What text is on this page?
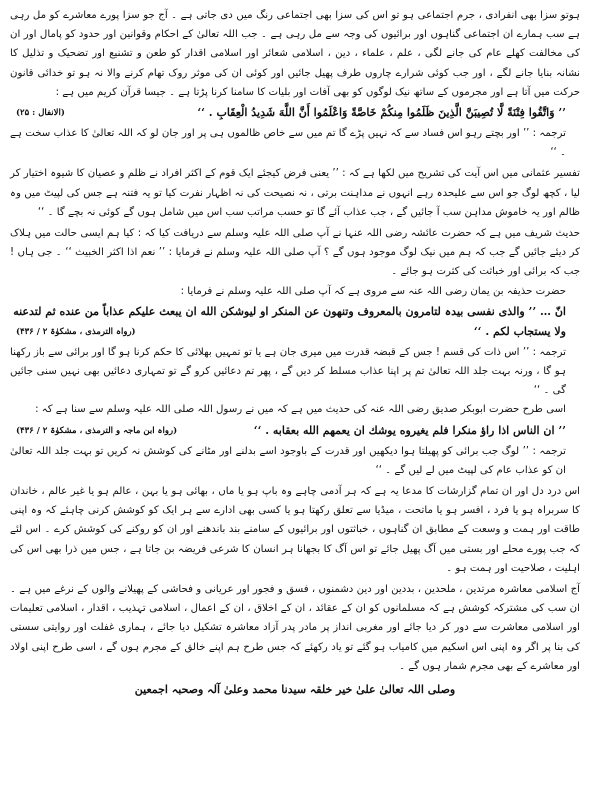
ہوتو سزا بھی انفرادی ، جرم اجتماعی ہو تو اس کی سزا بھی اجتماعی رنگ میں دی جاتی ہے ۔ آج جو سزا پورے معاشرے کو مل رہی ہے سب ہمارے ان اجتماعی گناہوں اور برائیوں کی وجہ سے مل رہی ہے ۔ جب اللہ تعالیٰ کے احکام وقوانین اور حدود کو پامال اور ان کی مخالفت کھلے عام کی جانے لگی ، علم ، علماء ، دین ، اسلامی شعائر اور اسلامی اقدار کو طعن و تشنیع اور تضحیک و تذلیل کا نشانہ بنایا جانے لگے ، اور جب کوئی شرارے چاروں طرف پھیل جائیں اور کوئی ان کی موثر روک تھام کرنے والا نہ ہو تو خدائی قانون حرکت میں آتا ہے اور مجرموں کے ساتھ نیک لوگوں کو بھی آفات اور بلیات کا سامنا کرنا پڑتا ہے ۔ جیسا قرآن کریم میں ہے :

(الانفال : ۲۵)	’’ وَاتَّقُوا فِتْنَةً لَّا تُصِيبَنَّ الَّذِينَ ظَلَمُوا مِنكُمْ خَاصَّةً وَاعْلَمُوا أَنَّ اللَّهَ شَدِيدُ الْعِقَابِ . ‘‘

ترجمہ : ’’ اور بچتے رہو اس فساد سے کہ نہیں پڑے گا تم میں سے خاص ظالموں ہی پر اور جان لو کہ اللہ تعالیٰ کا عذاب سخت ہے ۔ ‘‘

تفسیر عثمانی میں اس آیت کی تشریح میں لکھا ہے کہ : ’’ یعنی فرض کیجئے ایک قوم کے اکثر افراد نے ظلم و عصیان کا شیوہ اختیار کر لیا ، کچھ لوگ جو اس سے علیحدہ رہے انہوں نے مداہنت برتی ، نہ نصیحت کی نہ اظہار نفرت کیا تو یہ فتنہ ہے جس کی لپیٹ میں وہ ظالم اور یہ خاموش مداہن سب آ جائیں گے ، جب عذاب آئے گا تو حسب مراتب سب اس میں شامل ہوں گے کوئی نہ بچے گا ۔ ‘‘

حدیث شریف میں ہے کہ حضرت عائشہ رضی اللہ عنہا نے آپ صلی اللہ علیہ وسلم سے دریافت کیا کہ : کیا ہم ایسی حالت میں ہلاک کر دیئے جائیں گے جب کہ ہم میں نیک لوگ موجود ہوں گے ؟ آپ صلی اللہ علیہ وسلم نے فرمایا : ’’ نعم اذا اکثر الخبیث ‘‘ ۔ جی ہاں ! جب کہ برائی اور خباثت کی کثرت ہو جائے ۔

حضرت حذیفہ بن یمان رضی اللہ عنہ سے مروی ہے کہ آپ صلی اللہ علیہ وسلم نے فرمایا :

انّ … ’’ والذی نفسی بیدہ لتامرون بالمعروف وتنهون عن المنكر او ليوشكن الله ان يبعث عليكم عذاباً من عنده ثم لتدعنه ولا يستجاب لكم . ‘‘
(رواہ الترمذی ، مشکوٰۃ ۲ / ۴۳۶)

ترجمہ : ’’ اس ذات کی قسم ! جس کے قبضہ قدرت میں میری جان ہے یا تو تمہیں بھلائی کا حکم کرنا ہو گا اور برائی سے باز رکھنا ہو گا ، ورنہ بہت جلد اللہ تعالیٰ تم پر اپنا عذاب مسلط کر دیں گے ، پھر تم دعائیں کرو گے تو تمہاری دعائیں بھی نہیں سنی جائیں گی ۔ ‘‘

اسی طرح حضرت ابوبکر صدیق رضی اللہ عنہ کی حدیث میں ہے کہ میں نے رسول اللہ صلی اللہ علیہ وسلم سے سنا ہے کہ :

(رواہ ابن ماجہ و الترمذی ، مشکوٰۃ ۲ / ۴۳۶)	’’ ان الناس اذا راؤ منكرا فلم يغيروه يوشك ان يعمهم الله بعقابه . ‘‘

ترجمہ : ’’ لوگ جب برائی کو پھیلتا ہوا دیکھیں اور قدرت کے باوجود اسے بدلنے اور مٹانے کی کوشش نہ کریں تو بہت جلد اللہ تعالیٰ ان کو عذاب عام کی لپیٹ میں لے لیں گے ۔ ‘‘

اس درد دل اور ان تمام گزارشات کا مدعا یہ ہے کہ ہر آدمی چاہے وہ باپ ہو یا ماں ، بھائی ہو یا بہن ، عالم ہو یا غیر عالم ، خاندان کا سربراہ ہو یا فرد ، افسر ہو یا ماتحت ، میڈیا سے تعلق رکھتا ہو یا کسی بھی ادارے سے ہر ایک کو کوشش کرنی چاہئے کہ وہ اپنی طاقت اور ہمت و وسعت کے مطابق ان گناہوں ، خباثتوں اور برائیوں کے سامنے بند باندھنے اور ان کو روکنے کی کوشش کرے ۔ اس لئے کہ جب پورے محلے اور بستی میں آگ پھیل جائے تو اس آگ کا بجھانا ہر انسان کا شرعی فریضہ بن جاتا ہے ، جس میں ذرا بھی اس کی اہلیت ، صلاحیت اور ہمت ہو ۔

آج اسلامی معاشرہ مرتدین ، ملحدین ، بددین اور دین دشمنوں ، فسق و فجور اور عریانی و فحاشی کے پھیلانے والوں کے نرغے میں ہے ۔ ان سب کی مشترکہ کوشش ہے کہ مسلمانوں کو ان کے عقائد ، ان کے اخلاق ، ان کے اعمال ، اسلامی تہذیب ، اقدار ، اسلامی تعلیمات اور اسلامی معاشرت سے دور کر دیا جائے اور مغربی انداز پر مادر پدر آزاد معاشرہ تشکیل دیا جائے ، ہماری غفلت اور روایتی سستی کی بنا پر اگر وہ اپنی اس اسکیم میں کامیاب ہو گئے تو یاد رکھئے کہ جس طرح ہم اپنے خالق کے مجرم ہوں گے ، اسی طرح اپنی اولاد اور معاشرے کے بھی مجرم شمار ہوں گے ۔

وصلی اللہ تعالیٰ علیٰ خیر خلقہ سیدنا محمد وعلیٰ آلہ وصحبہ اجمعین
